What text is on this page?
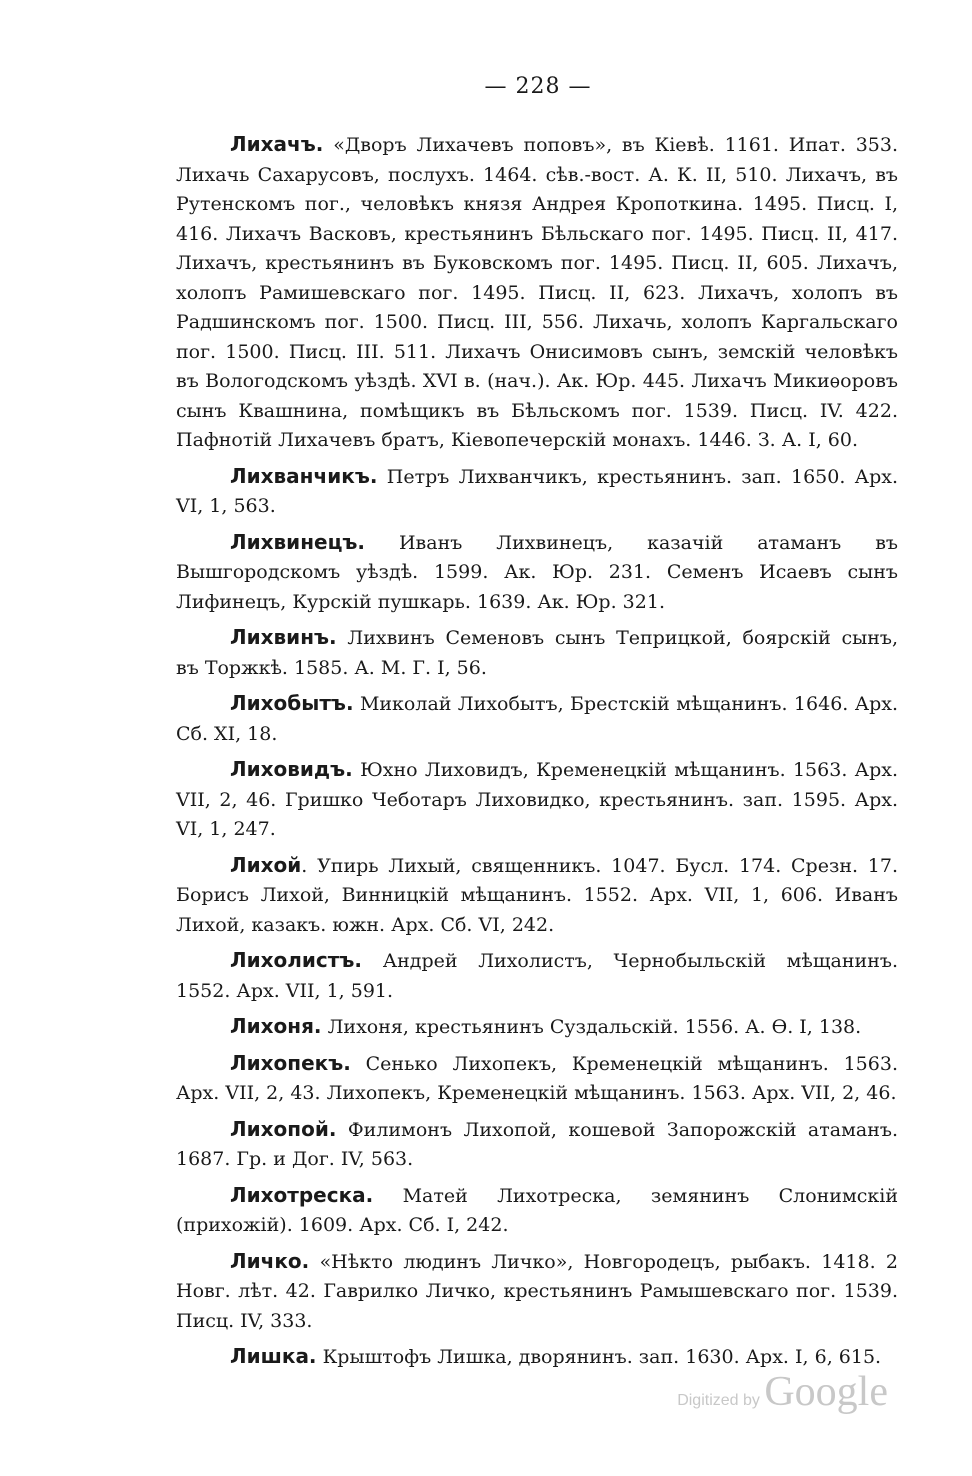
— 228 —

Лихачъ. «Дворъ Лихачевъ поповъ», въ Кіевѣ. 1161. Ипат. 353. Лихачь Сахарусовъ, послухъ. 1464. сѣв.-вост. А. К. II, 510. Лихачъ, въ Рутенскомъ пог., человѣкъ князя Андрея Кропоткина. 1495. Писц. I, 416. Лихачъ Васковъ, крестьянинъ Бѣльскаго пог. 1495. Писц. II, 417. Лихачъ, крестьянинъ въ Буковскомъ пог. 1495. Писц. II, 605. Лихачъ, холопъ Рамишевскаго пог. 1495. Писц. II, 623. Лихачъ, холопъ въ Радшинскомъ пог. 1500. Писц. III, 556. Лихачь, холопъ Каргальскаго пог. 1500. Писц. III. 511. Лихачъ Онисимовъ сынъ, земскій человѣкъ въ Вологодскомъ уѣздѣ. XVI в. (нач.). Ак. Юр. 445. Лихачъ Микиѳоровъ сынъ Квашнина, помѣщикъ въ Бѣльскомъ пог. 1539. Писц. IV. 422. Пафнотій Лихачевъ братъ, Кіевопечерскій монахъ. 1446. З. А. I, 60.

Лихванчикъ. Петръ Лихванчикъ, крестьянинъ. зап. 1650. Арх. VI, 1, 563.

Лихвинецъ. Иванъ Лихвинецъ, казачій атаманъ въ Вышгородскомъ уѣздѣ. 1599. Ак. Юр. 231. Семенъ Исаевъ сынъ Лифинецъ, Курскій пушкарь. 1639. Ак. Юр. 321.

Лихвинъ. Лихвинъ Семеновъ сынъ Теприцкой, боярскій сынъ, въ Торжкѣ. 1585. А. М. Г. I, 56.

Лихобытъ. Миколай Лихобытъ, Брестскій мѣщанинъ. 1646. Арх. Сб. XI, 18.

Лиховидъ. Юхно Лиховидъ, Кременецкій мѣщанинъ. 1563. Арх. VII, 2, 46. Гришко Чеботаръ Лиховидко, крестьянинъ. зап. 1595. Арх. VI, 1, 247.

Лихой. Упирь Лихый, священникъ. 1047. Бусл. 174. Срезн. 17. Борисъ Лихой, Винницкій мѣщанинъ. 1552. Арх. VII, 1, 606. Иванъ Лихой, казакъ. южн. Арх. Сб. VI, 242.

Лихолистъ. Андрей Лихолистъ, Чернобыльскій мѣщанинъ. 1552. Арх. VII, 1, 591.

Лихоня. Лихоня, крестьянинъ Суздальскій. 1556. А. Ѳ. I, 138.

Лихопекъ. Сенько Лихопекъ, Кременецкій мѣщанинъ. 1563. Арх. VII, 2, 43. Лихопекъ, Кременецкій мѣщанинъ. 1563. Арх. VII, 2, 46.

Лихопой. Филимонъ Лихопой, кошевой Запорожскій атаманъ. 1687. Гр. и Дог. IV, 563.

Лихотреска. Матей Лихотреска, земянинъ Слонимскій (прихожій). 1609. Арх. Сб. I, 242.

Личко. «Нѣкто людинъ Личко», Новгородецъ, рыбакъ. 1418. 2 Новг. лѣт. 42. Гаврилко Личко, крестьянинъ Рамышевскаго пог. 1539. Писц. IV, 333.

Лишка. Крыштофъ Лишка, дворянинъ. зап. 1630. Арх. I, 6, 615.

Digitized by Google
